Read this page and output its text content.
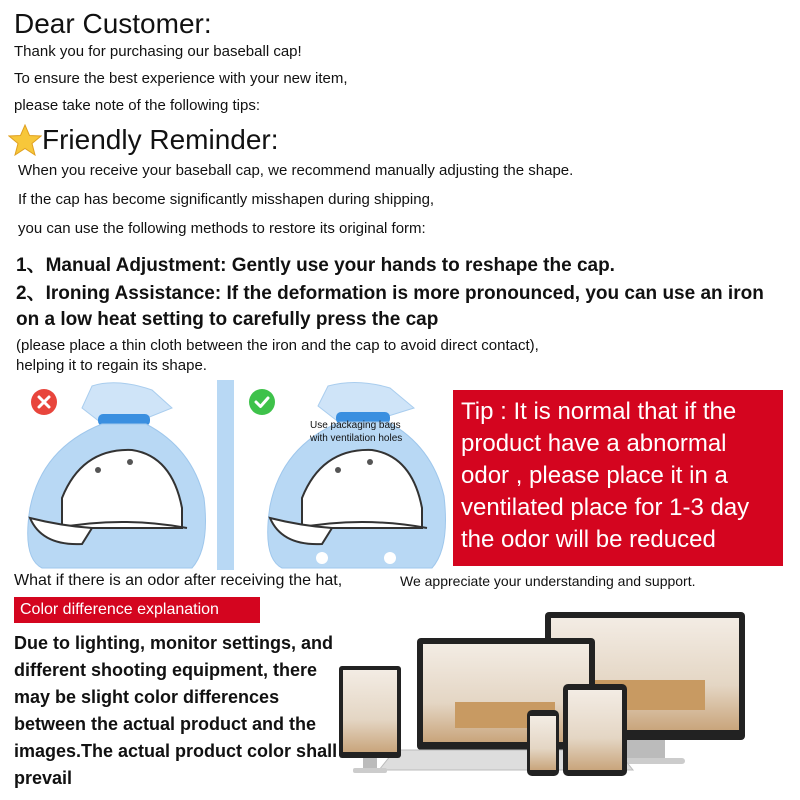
Dear Customer:
Thank you for purchasing our baseball cap!
To ensure the best experience with your new item,
please take note of the following tips:
Friendly Reminder:
When you receive your baseball cap, we recommend manually adjusting the shape.
If the cap has become significantly misshapen during shipping,
you can use the following methods to restore its original form:
1、Manual Adjustment: Gently use your hands to reshape the cap.
2、Ironing Assistance: If the deformation is more pronounced, you can use an iron
on a low heat setting to carefully press the cap
(please place a thin cloth between the iron and the cap to avoid direct contact),
helping it to regain its shape.
Use packaging bags
with ventilation holes
Tip : It is normal that if the product have a abnormal odor , please place it in a ventilated place for 1-3 day the odor will be reduced
What if there is an odor after receiving the hat,	We appreciate your understanding and support.
Color difference explanation
Due to lighting, monitor settings, and different shooting equipment, there may be slight color differences between the actual product and the images.The actual product color shall prevail
